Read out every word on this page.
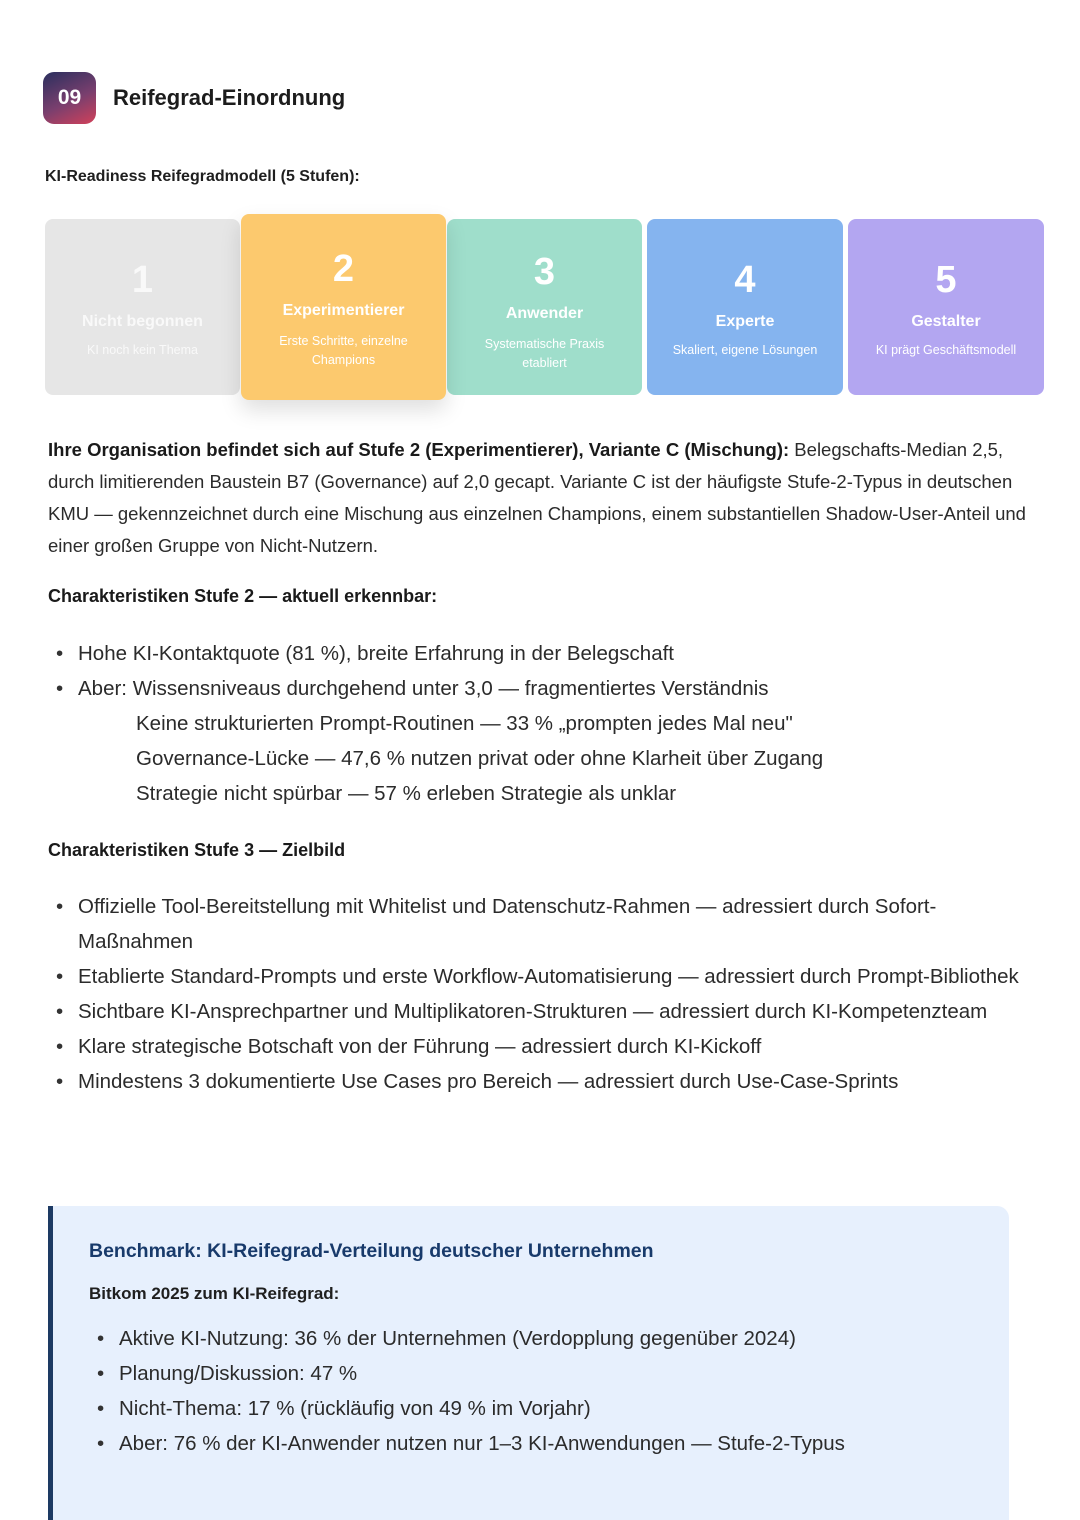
09	Reifegrad-Einordnung
KI-Readiness Reifegradmodell (5 Stufen):
1
Nicht begonnen
KI noch kein Thema
2
Experimentierer
Erste Schritte, einzelne Champions
3
Anwender
Systematische Praxis etabliert
4
Experte
Skaliert, eigene Lösungen
5
Gestalter
KI prägt Geschäftsmodell
Ihre Organisation befindet sich auf Stufe 2 (Experimentierer), Variante C (Mischung): Belegschafts-Median 2,5, durch limitierenden Baustein B7 (Governance) auf 2,0 gecapt. Variante C ist der häufigste Stufe-2-Typus in deutschen KMU — gekennzeichnet durch eine Mischung aus einzelnen Champions, einem substantiellen Shadow-User-Anteil und einer großen Gruppe von Nicht-Nutzern.
Charakteristiken Stufe 2 — aktuell erkennbar:
• Hohe KI-Kontaktquote (81 %), breite Erfahrung in der Belegschaft
• Aber: Wissensniveaus durchgehend unter 3,0 — fragmentiertes Verständnis
Keine strukturierten Prompt-Routinen — 33 % „prompten jedes Mal neu"
Governance-Lücke — 47,6 % nutzen privat oder ohne Klarheit über Zugang
Strategie nicht spürbar — 57 % erleben Strategie als unklar
Charakteristiken Stufe 3 — Zielbild
• Offizielle Tool-Bereitstellung mit Whitelist und Datenschutz-Rahmen — adressiert durch Sofort-Maßnahmen
• Etablierte Standard-Prompts und erste Workflow-Automatisierung — adressiert durch Prompt-Bibliothek
• Sichtbare KI-Ansprechpartner und Multiplikatoren-Strukturen — adressiert durch KI-Kompetenzteam
• Klare strategische Botschaft von der Führung — adressiert durch KI-Kickoff
• Mindestens 3 dokumentierte Use Cases pro Bereich — adressiert durch Use-Case-Sprints
Benchmark: KI-Reifegrad-Verteilung deutscher Unternehmen
Bitkom 2025 zum KI-Reifegrad:
• Aktive KI-Nutzung: 36 % der Unternehmen (Verdopplung gegenüber 2024)
• Planung/Diskussion: 47 %
• Nicht-Thema: 17 % (rückläufig von 49 % im Vorjahr)
• Aber: 76 % der KI-Anwender nutzen nur 1–3 KI-Anwendungen — Stufe-2-Typus
